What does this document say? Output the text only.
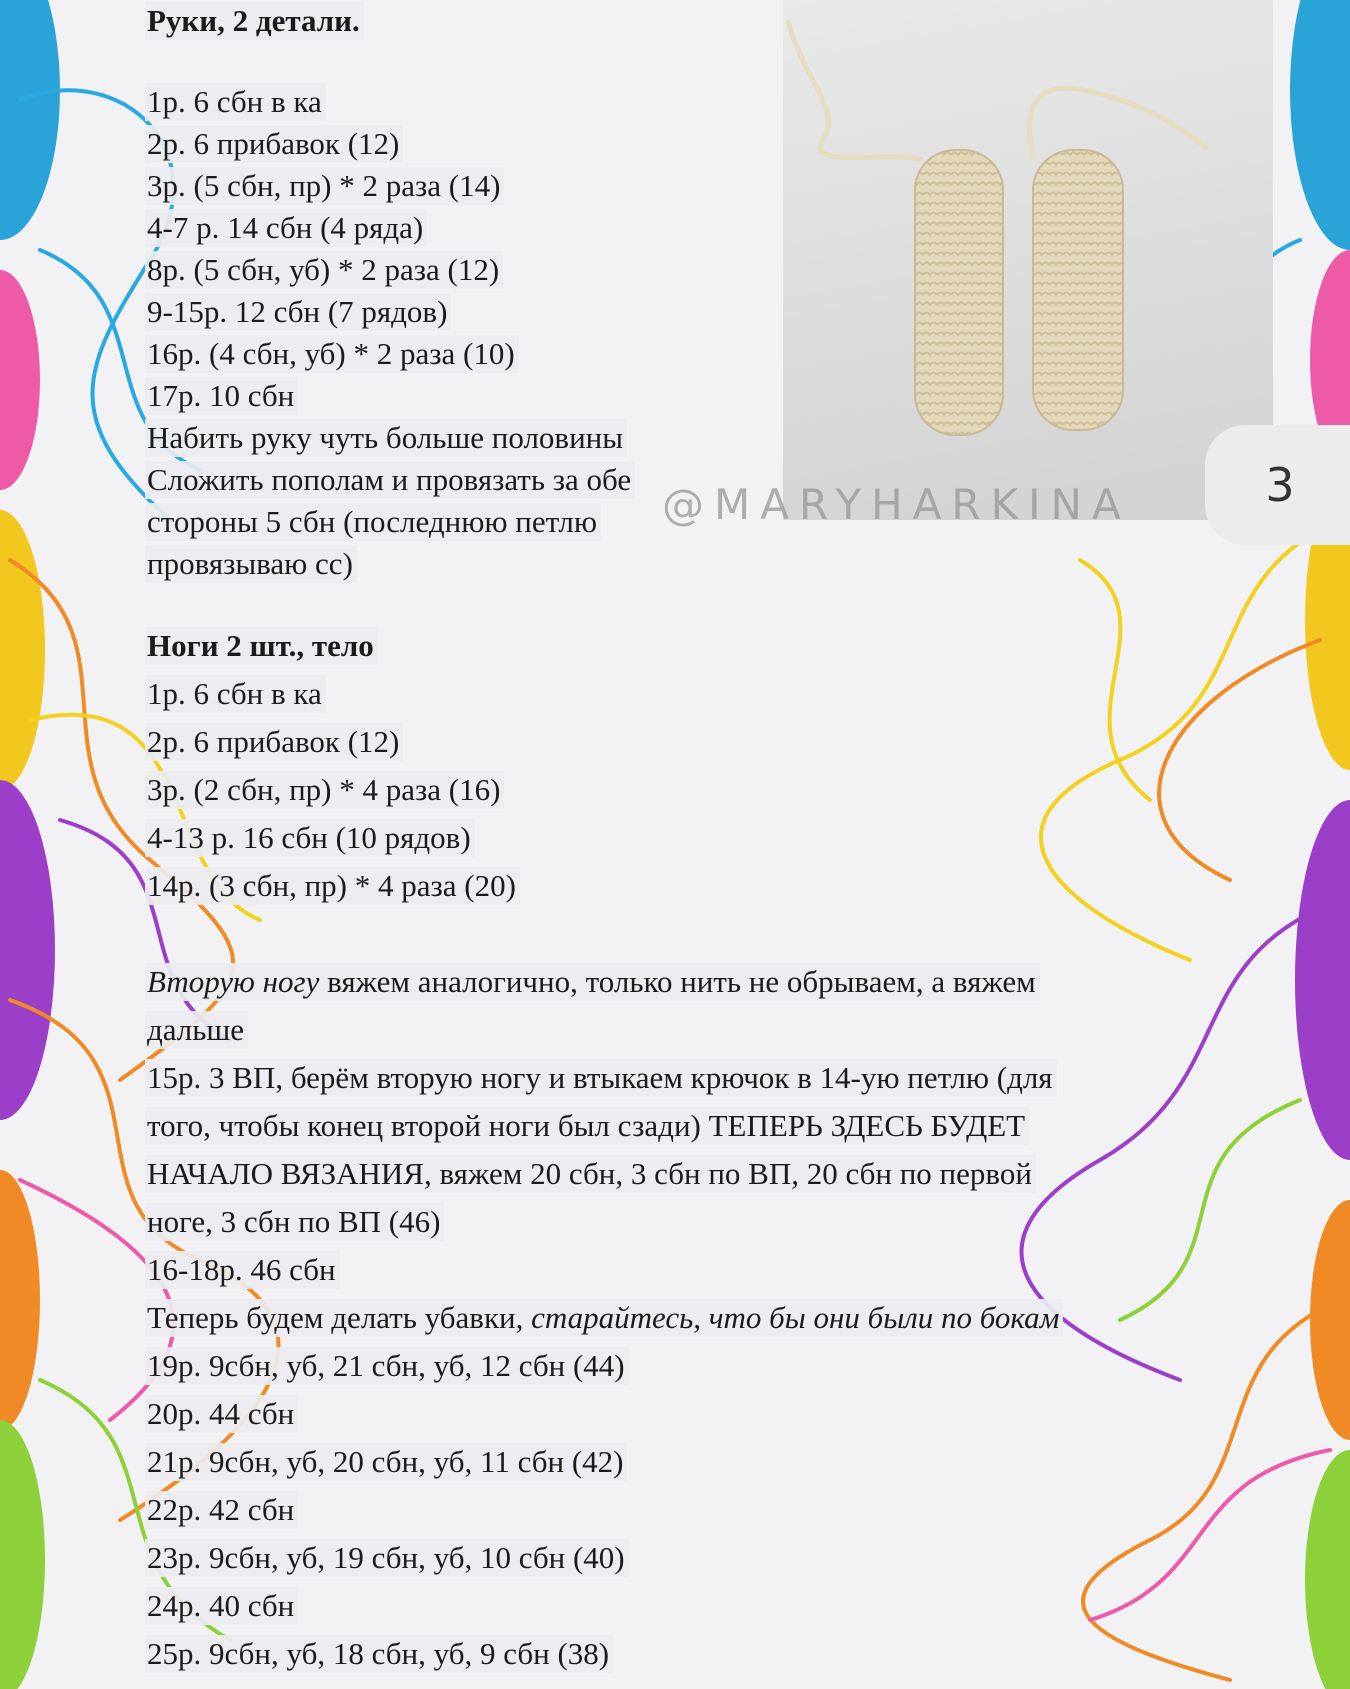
@MARYHARKINA	3
Руки, 2 детали.
1р. 6 сбн в ка
2р. 6 прибавок (12)
3р. (5 сбн, пр) * 2 раза (14)
4-7 р. 14 сбн (4 ряда)
8р. (5 сбн, уб) * 2 раза (12)
9-15р. 12 сбн (7 рядов)
16р. (4 сбн, уб) * 2 раза (10)
17р. 10 сбн
Набить руку чуть больше половины
Сложить пополам и провязать за обе
стороны 5 сбн (последнюю петлю
провязываю сс)
Ноги 2 шт., тело
1р. 6 сбн в ка
2р. 6 прибавок (12)
3р. (2 сбн, пр) * 4 раза (16)
4-13 р. 16 сбн (10 рядов)
14р. (3 сбн, пр) * 4 раза (20)
Вторую ногу вяжем аналогично, только нить не обрываем, а вяжем
дальше
15р. 3 ВП, берём вторую ногу и втыкаем крючок в 14-ую петлю (для
того, чтобы конец второй ноги был сзади) ТЕПЕРЬ ЗДЕСЬ БУДЕТ
НАЧАЛО ВЯЗАНИЯ, вяжем 20 сбн, 3 сбн по ВП, 20 сбн по первой
ноге, 3 сбн по ВП (46)
16-18р. 46 сбн
Теперь будем делать убавки, старайтесь, что бы они были по бокам
19р. 9сбн, уб, 21 сбн, уб, 12 сбн (44)
20р. 44 сбн
21р. 9сбн, уб, 20 сбн, уб, 11 сбн (42)
22р. 42 сбн
23р. 9сбн, уб, 19 сбн, уб, 10 сбн (40)
24р. 40 сбн
25р. 9сбн, уб, 18 сбн, уб, 9 сбн (38)
